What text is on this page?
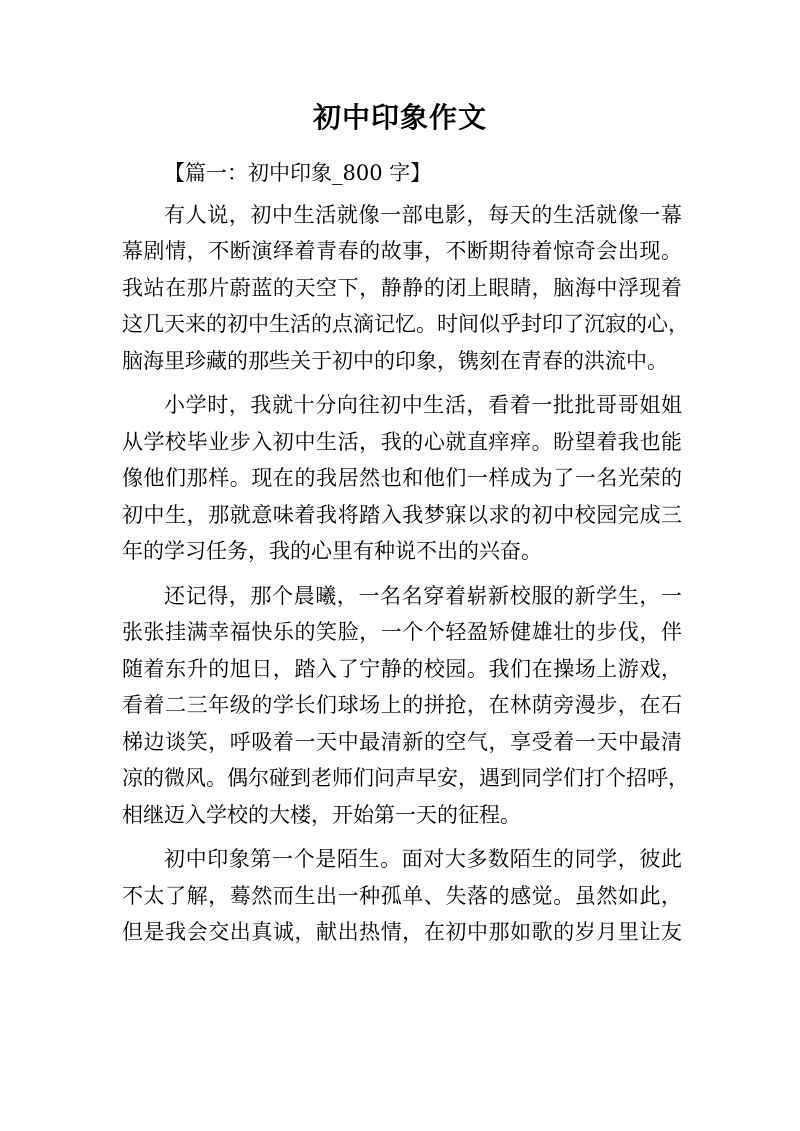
初中印象作文

【篇一：初中印象_800 字】

有人说，初中生活就像一部电影，每天的生活就像一幕
幕剧情，不断演绎着青春的故事，不断期待着惊奇会出现。
我站在那片蔚蓝的天空下，静静的闭上眼睛，脑海中浮现着
这几天来的初中生活的点滴记忆。时间似乎封印了沉寂的心，
脑海里珍藏的那些关于初中的印象，镌刻在青春的洪流中。
小学时，我就十分向往初中生活，看着一批批哥哥姐姐
从学校毕业步入初中生活，我的心就直痒痒。盼望着我也能
像他们那样。现在的我居然也和他们一样成为了一名光荣的
初中生，那就意味着我将踏入我梦寐以求的初中校园完成三
年的学习任务，我的心里有种说不出的兴奋。
还记得，那个晨曦，一名名穿着崭新校服的新学生，一
张张挂满幸福快乐的笑脸，一个个轻盈矫健雄壮的步伐，伴
随着东升的旭日，踏入了宁静的校园。我们在操场上游戏，
看着二三年级的学长们球场上的拼抢，在林荫旁漫步，在石
梯边谈笑，呼吸着一天中最清新的空气，享受着一天中最清
凉的微风。偶尔碰到老师们问声早安，遇到同学们打个招呼，
相继迈入学校的大楼，开始第一天的征程。
初中印象第一个是陌生。面对大多数陌生的同学，彼此
不太了解，蓦然而生出一种孤单、失落的感觉。虽然如此，
但是我会交出真诚，献出热情，在初中那如歌的岁月里让友
